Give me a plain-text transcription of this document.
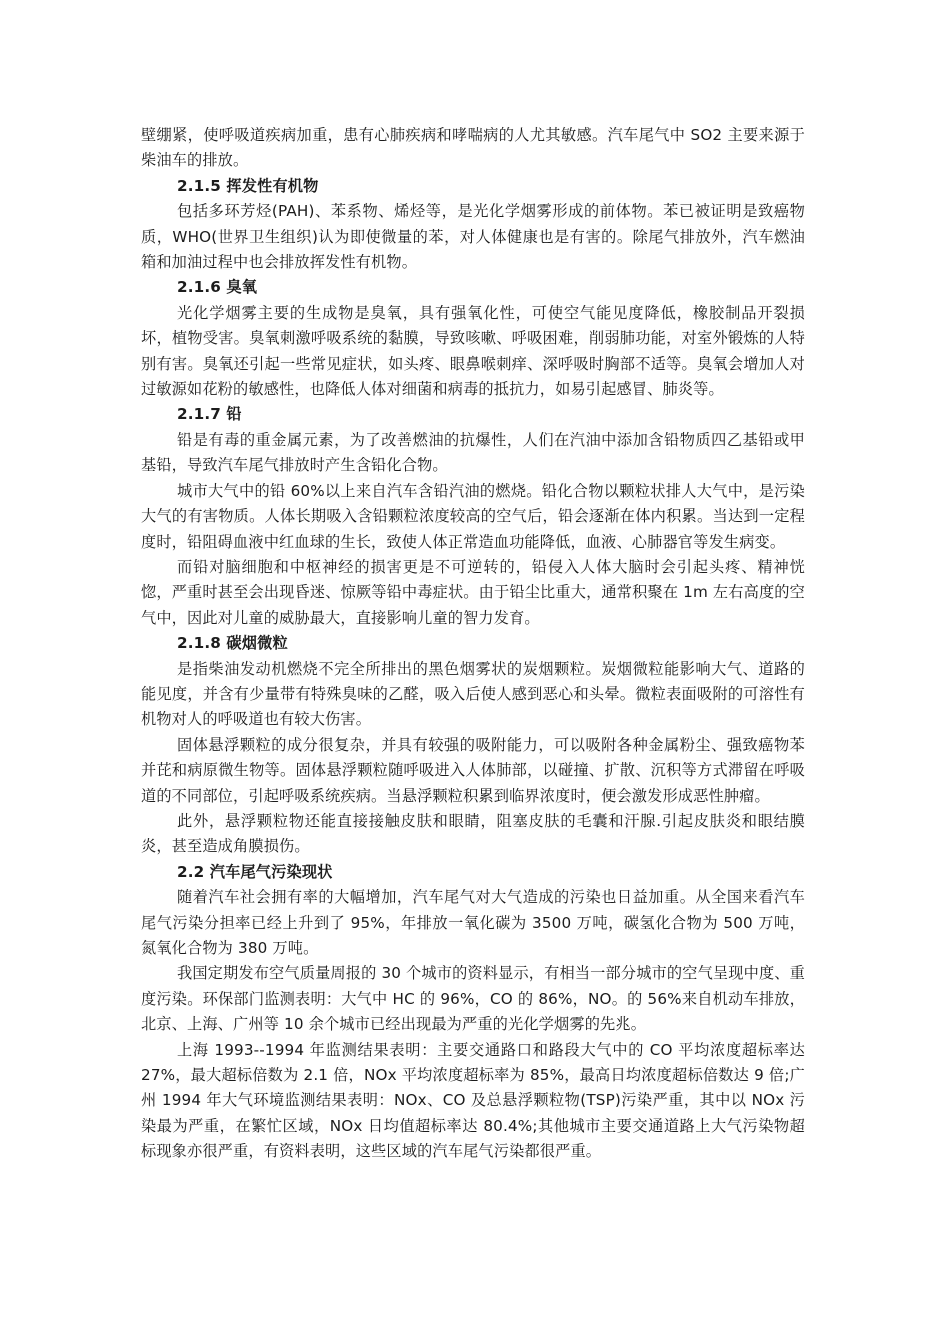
壁绷紧，使呼吸道疾病加重，患有心肺疾病和哮喘病的人尤其敏感。汽车尾气中 SO2 主要来源于柴油车的排放。

2.1.5 挥发性有机物

包括多环芳烃(PAH)、苯系物、烯烃等，是光化学烟雾形成的前体物。苯已被证明是致癌物质，WHO(世界卫生组织)认为即使微量的苯，对人体健康也是有害的。除尾气排放外，汽车燃油箱和加油过程中也会排放挥发性有机物。

2.1.6 臭氧

光化学烟雾主要的生成物是臭氧，具有强氧化性，可使空气能见度降低，橡胶制品开裂损坏，植物受害。臭氧刺激呼吸系统的黏膜，导致咳嗽、呼吸困难，削弱肺功能，对室外锻炼的人特别有害。臭氧还引起一些常见症状，如头疼、眼鼻喉刺痒、深呼吸时胸部不适等。臭氧会增加人对过敏源如花粉的敏感性，也降低人体对细菌和病毒的抵抗力，如易引起感冒、肺炎等。

2.1.7 铅

铅是有毒的重金属元素，为了改善燃油的抗爆性，人们在汽油中添加含铅物质四乙基铅或甲基铅，导致汽车尾气排放时产生含铅化合物。

城市大气中的铅 60%以上来自汽车含铅汽油的燃烧。铅化合物以颗粒状排人大气中，是污染大气的有害物质。人体长期吸入含铅颗粒浓度较高的空气后，铅会逐渐在体内积累。当达到一定程度时，铅阻碍血液中红血球的生长，致使人体正常造血功能降低，血液、心肺器官等发生病变。

而铅对脑细胞和中枢神经的损害更是不可逆转的，铅侵入人体大脑时会引起头疼、精神恍惚，严重时甚至会出现昏迷、惊厥等铅中毒症状。由于铅尘比重大，通常积聚在 1m 左右高度的空气中，因此对儿童的威胁最大，直接影响儿童的智力发育。

2.1.8 碳烟微粒

是指柴油发动机燃烧不完全所排出的黑色烟雾状的炭烟颗粒。炭烟微粒能影响大气、道路的能见度，并含有少量带有特殊臭味的乙醛，吸入后使人感到恶心和头晕。微粒表面吸附的可溶性有机物对人的呼吸道也有较大伤害。

固体悬浮颗粒的成分很复杂，并具有较强的吸附能力，可以吸附各种金属粉尘、强致癌物苯并芘和病原微生物等。固体悬浮颗粒随呼吸进入人体肺部，以碰撞、扩散、沉积等方式滞留在呼吸道的不同部位，引起呼吸系统疾病。当悬浮颗粒积累到临界浓度时，便会激发形成恶性肿瘤。

此外，悬浮颗粒物还能直接接触皮肤和眼睛，阻塞皮肤的毛囊和汗腺.引起皮肤炎和眼结膜炎，甚至造成角膜损伤。

2.2 汽车尾气污染现状

随着汽车社会拥有率的大幅增加，汽车尾气对大气造成的污染也日益加重。从全国来看汽车尾气污染分担率已经上升到了 95%，年排放一氧化碳为 3500 万吨，碳氢化合物为 500 万吨，氮氧化合物为 380 万吨。

我国定期发布空气质量周报的 30 个城市的资料显示，有相当一部分城市的空气呈现中度、重度污染。环保部门监测表明：大气中 HC 的 96%，CO 的 86%，NO。的 56%来自机动车排放，北京、上海、广州等 10 余个城市已经出现最为严重的光化学烟雾的先兆。

上海 1993--1994 年监测结果表明：主要交通路口和路段大气中的 CO 平均浓度超标率达 27%，最大超标倍数为 2.1 倍，NOx 平均浓度超标率为 85%，最高日均浓度超标倍数达 9 倍;广州 1994 年大气环境监测结果表明：NOx、CO 及总悬浮颗粒物(TSP)污染严重，其中以 NOx 污染最为严重，在繁忙区域，NOx 日均值超标率达 80.4%;其他城市主要交通道路上大气污染物超标现象亦很严重，有资料表明，这些区域的汽车尾气污染都很严重。
